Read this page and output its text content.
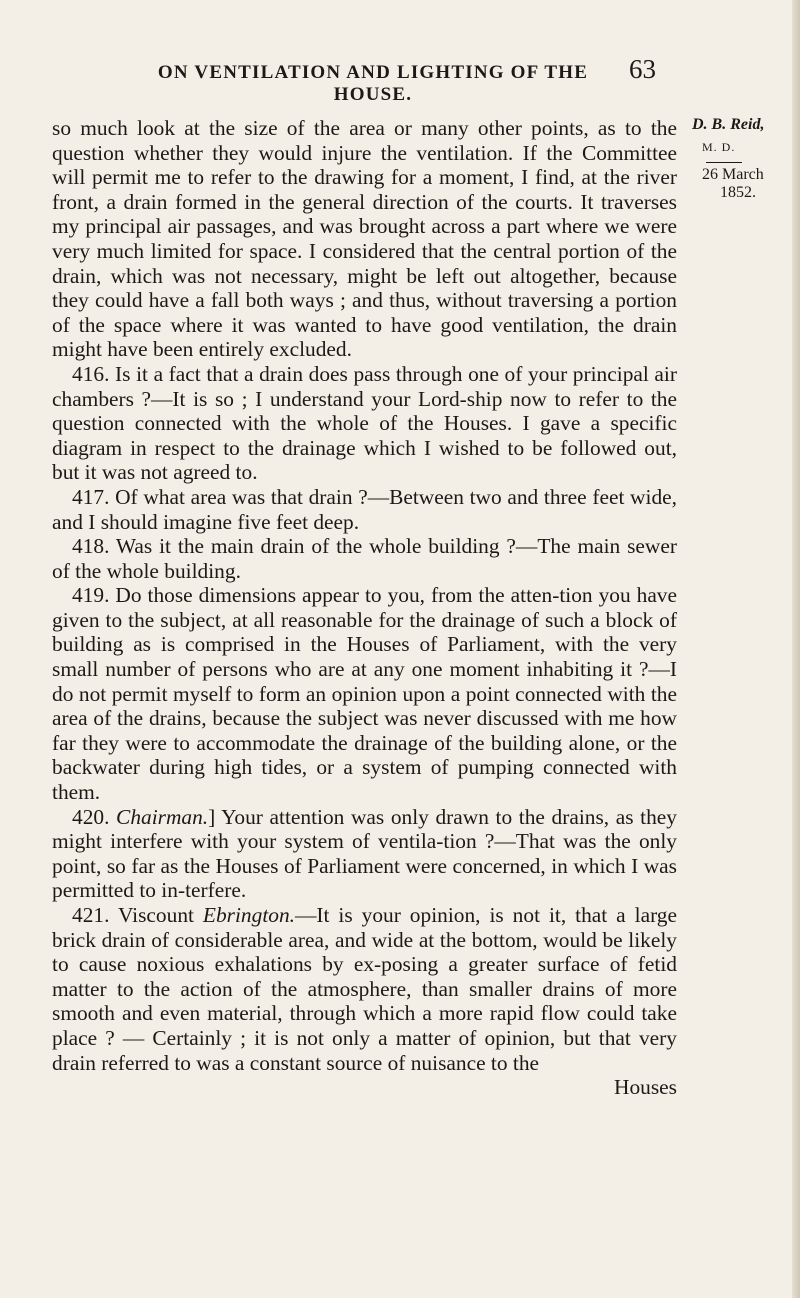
ON VENTILATION AND LIGHTING OF THE HOUSE.
63
D. B. Reid,
M. D.
26 March
1852.

so much look at the size of the area or many other points, as to the question whether they would injure the ventilation. If the Committee will permit me to refer to the drawing for a moment, I find, at the river front, a drain formed in the general direction of the courts. It traverses my principal air passages, and was brought across a part where we were very much limited for space. I considered that the central portion of the drain, which was not necessary, might be left out altogether, because they could have a fall both ways ; and thus, without traversing a portion of the space where it was wanted to have good ventilation, the drain might have been entirely excluded.

416. Is it a fact that a drain does pass through one of your principal air chambers ?—It is so ; I understand your Lord-ship now to refer to the question connected with the whole of the Houses. I gave a specific diagram in respect to the drainage which I wished to be followed out, but it was not agreed to.

417. Of what area was that drain ?—Between two and three feet wide, and I should imagine five feet deep.

418. Was it the main drain of the whole building ?—The main sewer of the whole building.

419. Do those dimensions appear to you, from the atten-tion you have given to the subject, at all reasonable for the drainage of such a block of building as is comprised in the Houses of Parliament, with the very small number of persons who are at any one moment inhabiting it ?—I do not permit myself to form an opinion upon a point connected with the area of the drains, because the subject was never discussed with me how far they were to accommodate the drainage of the building alone, or the backwater during high tides, or a system of pumping connected with them.

420. Chairman.] Your attention was only drawn to the drains, as they might interfere with your system of ventila-tion ?—That was the only point, so far as the Houses of Parliament were concerned, in which I was permitted to in-terfere.

421. Viscount Ebrington.—It is your opinion, is not it, that a large brick drain of considerable area, and wide at the bottom, would be likely to cause noxious exhalations by ex-posing a greater surface of fetid matter to the action of the atmosphere, than smaller drains of more smooth and even material, through which a more rapid flow could take place ? — Certainly ; it is not only a matter of opinion, but that very drain referred to was a constant source of nuisance to the

Houses
